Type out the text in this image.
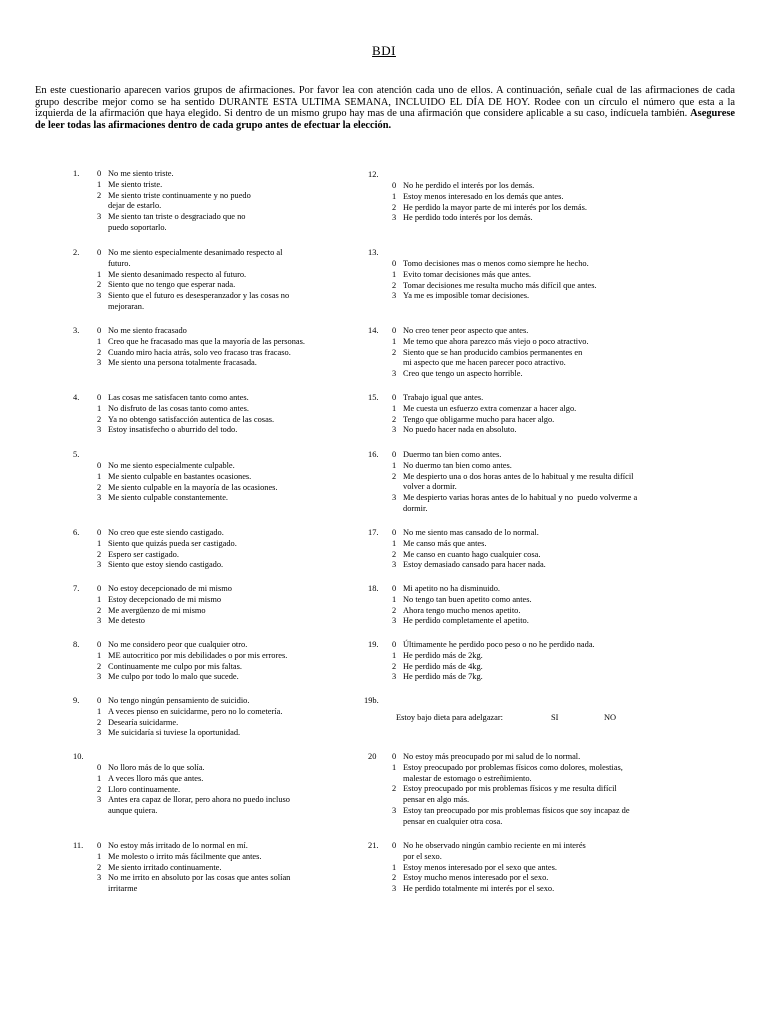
BDI
En este cuestionario aparecen varios grupos de afirmaciones. Por favor lea con atención cada uno de ellos. A continuación, señale cual de las afirmaciones de cada grupo describe mejor como se ha sentido DURANTE ESTA ULTIMA SEMANA, INCLUIDO EL DÍA DE HOY. Rodee con un círculo el número que esta a la izquierda de la afirmación que haya elegido. Si dentro de un mismo grupo hay mas de una afirmación que considere aplicable a su caso, indícuela también. Asegurese de leer todas las afirmaciones dentro de cada grupo antes de efectuar la elección.
1. 0 No me siento triste.
1 Me siento triste.
2 Me siento triste continuamente y no puedo
dejar de estarlo.
3 Me siento tan triste o desgraciado que no
puedo soportarlo.
2. 0 No me siento especialmente desanimado respecto al
futuro.
1 Me siento desanimado respecto al futuro.
2 Siento que no tengo que esperar nada.
3 Siento que el futuro es desesperanzador y las cosas no
mejoraran.
3. 0 No me siento fracasado
1 Creo que he fracasado mas que la mayoría de las personas.
2 Cuando miro hacia atrás, solo veo fracaso tras fracaso.
3 Me siento una persona totalmente fracasada.
4. 0 Las cosas me satisfacen tanto como antes.
1 No disfruto de las cosas tanto como antes.
2 Ya no obtengo satisfacción autentica de las cosas.
3 Estoy insatisfecho o aburrido del todo.
5.
0 No me siento especialmente culpable.
1 Me siento culpable en bastantes ocasiones.
2 Me siento culpable en la mayoría de las ocasiones.
3 Me siento culpable constantemente.
6. 0 No creo que este siendo castigado.
1 Siento que quizás pueda ser castigado.
2 Espero ser castigado.
3 Siento que estoy siendo castigado.
7. 0 No estoy decepcionado de mi mismo
1 Estoy decepcionado de mi mismo
2 Me avergüenzo de mi mismo
3 Me detesto
8. 0 No me considero peor que cualquier otro.
1 ME autocritico por mis debilidades o por mis errores.
2 Continuamente me culpo por mis faltas.
3 Me culpo por todo lo malo que sucede.
9. 0 No tengo ningún pensamiento de suicidio.
1 A veces pienso en suicidarme, pero no lo cometería.
2 Desearía suicidarme.
3 Me suicidaría si tuviese la oportunidad.
10.
0 No lloro más de lo que solía.
1 A veces lloro más que antes.
2 Lloro continuamente.
3 Antes era capaz de llorar, pero ahora no puedo incluso
aunque quiera.
11. 0 No estoy más irritado de lo normal en mí.
1 Me molesto o irrito más fácilmente que antes.
2 Me siento irritado continuamente.
3 No me irrito en absoluto por las cosas que antes solían
irritarme
12.
0 No he perdido el interés por los demás.
1 Estoy menos interesado en los demás que antes.
2 He perdido la mayor parte de mi interés por los demás.
3 He perdido todo interés por los demás.
13.
0 Tomo decisiones mas o menos como siempre he hecho.
1 Evito tomar decisiones más que antes.
2 Tomar decisiones me resulta mucho más difícil que antes.
3 Ya me es imposible tomar decisiones.
14. 0 No creo tener peor aspecto que antes.
1 Me temo que ahora parezco más viejo o poco atractivo.
2 Siento que se han producido cambios permanentes en
mi aspecto que me hacen parecer poco atractivo.
3 Creo que tengo un aspecto horrible.
15. 0 Trabajo igual que antes.
1 Me cuesta un esfuerzo extra comenzar a hacer algo.
2 Tengo que obligarme mucho para hacer algo.
3 No puedo hacer nada en absoluto.
16. 0 Duermo tan bien como antes.
1 No duermo tan bien como antes.
2 Me despierto una o dos horas antes de lo habitual y me resulta difícil
volver a dormir.
3 Me despierto varias horas antes de lo habitual y no  puedo volverme a
dormir.
17. 0 No me siento mas cansado de lo normal.
1 Me canso más que antes.
2 Me canso en cuanto hago cualquier cosa.
3 Estoy demasiado cansado para hacer nada.
18. 0 Mi apetito no ha disminuido.
1 No tengo tan buen apetito como antes.
2 Ahora tengo mucho menos apetito.
3 He perdido completamente el apetito.
19. 0 Últimamente he perdido poco peso o no he perdido nada.
1 He perdido más de 2kg.
2 He perdido más de 4kg.
3 He perdido más de 7kg.
19b.
Estoy bajo dieta para adelgazar:	SI	NO
20 0 No estoy más preocupado por mi salud de lo normal.
1 Estoy preocupado por problemas físicos como dolores, molestias,
malestar de estomago o estreñimiento.
2 Estoy preocupado por mis problemas físicos y me resulta difícil
pensar en algo más.
3 Estoy tan preocupado por mis problemas físicos que soy incapaz de
pensar en cualquier otra cosa.
21. 0 No he observado ningún cambio reciente en mi interés
por el sexo.
1 Estoy menos interesado por el sexo que antes.
2 Estoy mucho menos interesado por el sexo.
3 He perdido totalmente mi interés por el sexo.
